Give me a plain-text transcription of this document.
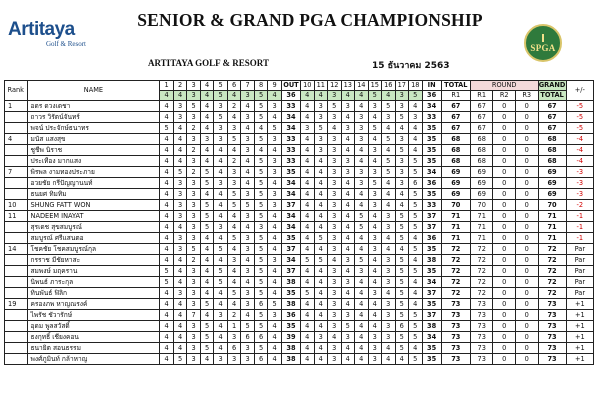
Artitaya
Golf & Resort
SENIOR & GRAND PGA CHAMPIONSHIP
ARTITAYA GOLF & RESORT	15 ธันวาคม 2563
SPGA
Rank	NAME	1	2	3	4	5	6	7	8	9	OUT	10	11	12	13	14	15	16	17	18	IN	TOTAL	ROUND			GRAND	+/-
		4	4	3	4	5	4	3	5	4	36	4	4	3	4	4	5	4	3	5	36	R1	R1	R2	R3	TOTAL	
1	อดร ดวงเดชา	4	3	5	4	3	2	4	5	3	33	4	3	5	3	4	3	5	3	4	34	67	67	0	0	67	-5
	ถาวร วิรัตน์จันทร์	4	3	3	4	5	4	3	5	4	34	4	3	3	4	3	4	3	5	3	33	67	67	0	0	67	-5
	พจน์ ประจักษ์ธนาทร	5	4	2	4	3	3	4	4	5	34	3	5	4	3	3	5	4	4	4	35	67	67	0	0	67	-5
4	มนัส แสงสุข	4	4	3	3	3	5	3	5	3	33	4	3	3	4	3	4	5	3	4	35	68	68	0	0	68	-4
	ชูชีพ นิราช	4	4	2	4	4	4	3	4	4	33	4	3	3	4	4	3	4	5	4	35	68	68	0	0	68	-4
	ประเทือง มากแสง	4	4	3	4	4	2	4	5	3	33	4	4	3	3	4	4	5	3	5	35	68	68	0	0	68	-4
7	พิรพล งามทองประภาย	4	5	2	5	4	3	4	5	3	35	4	4	3	3	3	3	5	3	5	34	69	69	0	0	69	-3
	อวยชัย กรีปัญญานนท์	4	3	3	5	3	3	4	5	4	34	4	4	3	4	3	5	4	3	6	36	69	69	0	0	69	-3
	ธนยศ ทิมทิม	4	3	3	4	4	5	3	5	3	34	4	4	3	4	4	3	4	4	5	35	69	69	0	0	69	-3
10	SHUNG FATT WON	4	3	3	5	4	5	5	5	3	37	4	4	3	4	4	3	4	4	5	33	70	70	0	0	70	-2
11	NADEEM INAYAT	4	3	3	5	4	4	3	5	4	34	4	4	3	4	5	4	3	5	5	37	71	71	0	0	71	-1
	สุรเดช สุขสมบูรณ์	4	4	3	5	3	4	4	3	4	34	4	4	3	4	5	4	3	5	5	37	71	71	0	0	71	-1
	สมบูรณ์ ศรีแสนตอ	4	3	3	4	4	5	3	5	4	35	4	5	3	4	4	3	4	5	4	36	71	71	0	0	71	-1
14	โชคชัย โชคสมบูรณ์กุล	4	3	5	4	5	4	3	5	4	37	4	4	3	4	4	3	4	4	5	35	72	72	0	0	72	Par
	กรราช มีชัยหาสะ	4	4	2	4	4	3	4	5	3	34	5	5	4	3	5	4	3	5	4	38	72	72	0	0	72	Par
	สมพงษ์ มฤคราน	5	4	3	4	5	4	3	5	4	37	4	4	3	4	3	4	3	5	5	35	72	72	0	0	72	Par
	นิพนธ์ ภาระกุล	5	4	3	4	5	4	4	5	4	38	4	4	3	3	4	4	3	5	4	34	72	72	0	0	72	Par
	ทินพันธ์ ฟิลิก	4	3	3	4	4	5	3	5	4	35	5	4	3	4	4	3	4	5	4	37	72	72	0	0	72	Par
19	ครองภพ หาญณรงค์	4	4	3	5	4	4	3	6	5	38	4	4	3	4	4	4	3	5	4	35	73	73	0	0	73	+1
	ไพรัช ชัวารักษ์	4	4	7	4	3	2	4	5	3	36	4	4	3	3	4	4	3	5	5	37	73	73	0	0	73	+1
	อุดม พูลสวัสดิ์	4	4	3	5	4	1	5	5	4	35	4	4	3	5	4	4	3	6	5	38	73	73	0	0	73	+1
	ธงกุทธิ์ เชียงคอน	4	4	3	5	4	3	6	6	4	39	4	3	4	3	4	3	3	5	5	34	73	73	0	0	73	+1
	ธนายิต สอนธรรม	4	4	3	5	4	6	3	5	4	38	4	4	3	4	4	3	4	5	4	35	73	73	0	0	73	+1
	พงศ์ภูมินท์ กล้าหาญ	4	5	3	4	3	3	3	6	4	38	4	4	3	4	4	3	4	4	5	35	73	73	0	0	73	+1
